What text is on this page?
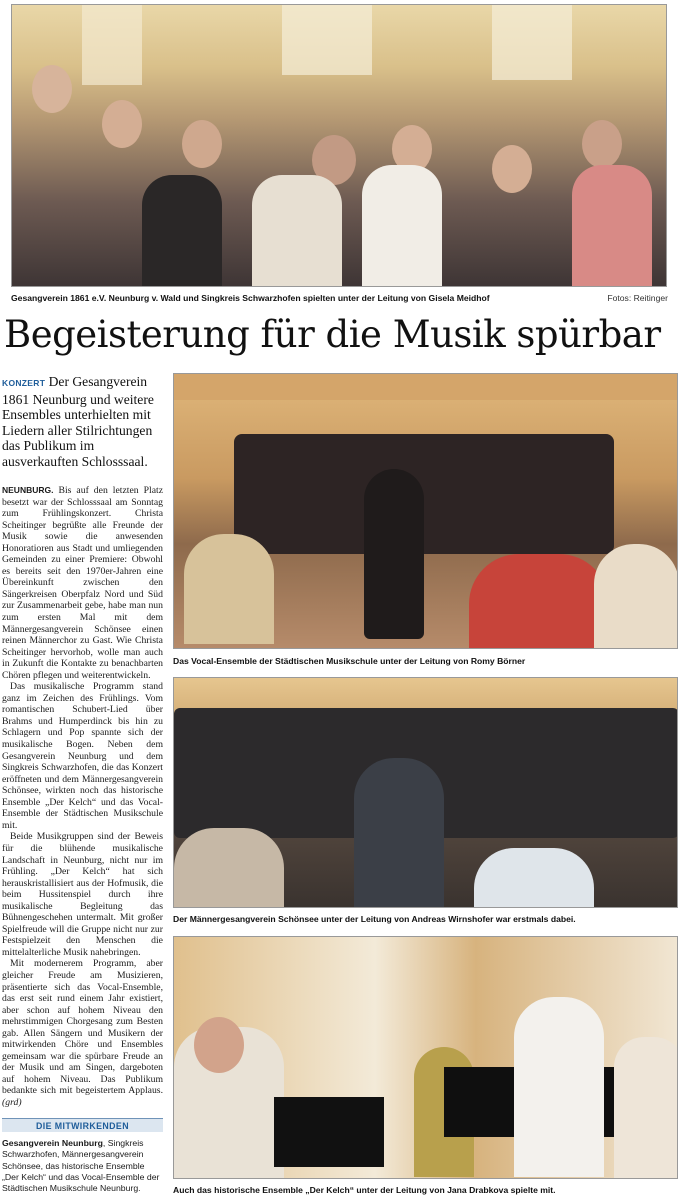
Gesangverein 1861 e.V. Neunburg v. Wald und Singkreis Schwarzhofen spielten unter der Leitung von Gisela Meidhof	Fotos: Reitinger
Begeisterung für die Musik spürbar
KONZERT Der Gesangverein 1861 Neunburg und weitere Ensembles unterhielten mit Liedern aller Stilrichtungen das Publikum im ausverkauften Schlosssaal.

NEUNBURG. Bis auf den letzten Platz besetzt war der Schlosssaal am Sonntag zum Frühlingskonzert. Christa Scheitinger begrüßte alle Freunde der Musik sowie die anwesenden Honoratioren aus Stadt und umliegenden Gemeinden zu einer Premiere: Obwohl es bereits seit den 1970er-Jahren eine Übereinkunft zwischen den Sängerkreisen Oberpfalz Nord und Süd zur Zusammenarbeit gebe, habe man nun zum ersten Mal mit dem Männergesangverein Schönsee einen reinen Männerchor zu Gast. Wie Christa Scheitinger hervorhob, wolle man auch in Zukunft die Kontakte zu benachbarten Chören pflegen und weiterentwickeln.

Das musikalische Programm stand ganz im Zeichen des Frühlings. Vom romantischen Schubert-Lied über Brahms und Humperdinck bis hin zu Schlagern und Pop spannte sich der musikalische Bogen. Neben dem Gesangverein Neunburg und dem Singkreis Schwarzhofen, die das Konzert eröffneten und dem Männergesangverein Schönsee, wirkten noch das historische Ensemble „Der Kelch“ und das Vocal-Ensemble der Städtischen Musikschule mit.

Beide Musikgruppen sind der Beweis für die blühende musikalische Landschaft in Neunburg, nicht nur im Frühling. „Der Kelch“ hat sich herauskristallisiert aus der Hofmusik, die beim Hussitenspiel durch ihre musikalische Begleitung das Bühnengeschehen untermalt. Mit großer Spielfreude will die Gruppe nicht nur zur Festspielzeit den Menschen die mittelalterliche Musik nahebringen.

Mit modernerem Programm, aber gleicher Freude am Musizieren, präsentierte sich das Vocal-Ensemble, das erst seit rund einem Jahr existiert, aber schon auf hohem Niveau den mehrstimmigen Chorgesang zum Besten gab. Allen Sängern und Musikern der mitwirkenden Chöre und Ensembles gemeinsam war die spürbare Freude an der Musik und am Singen, dargeboten auf hohem Niveau. Das Publikum bedankte sich mit begeistertem Applaus. (grd)

DIE MITWIRKENDEN
Gesangverein Neunburg, Singkreis Schwarzhofen, Männergesangverein Schönsee, das historische Ensemble „Der Kelch“ und das Vocal-Ensemble der Städtischen Musikschule Neunburg.
Das Vocal-Ensemble der Städtischen Musikschule unter der Leitung von Romy Börner
Der Männergesangverein Schönsee unter der Leitung von Andreas Wirnshofer war erstmals dabei.
Auch das historische Ensemble „Der Kelch“ unter der Leitung von Jana Drabkova spielte mit.
